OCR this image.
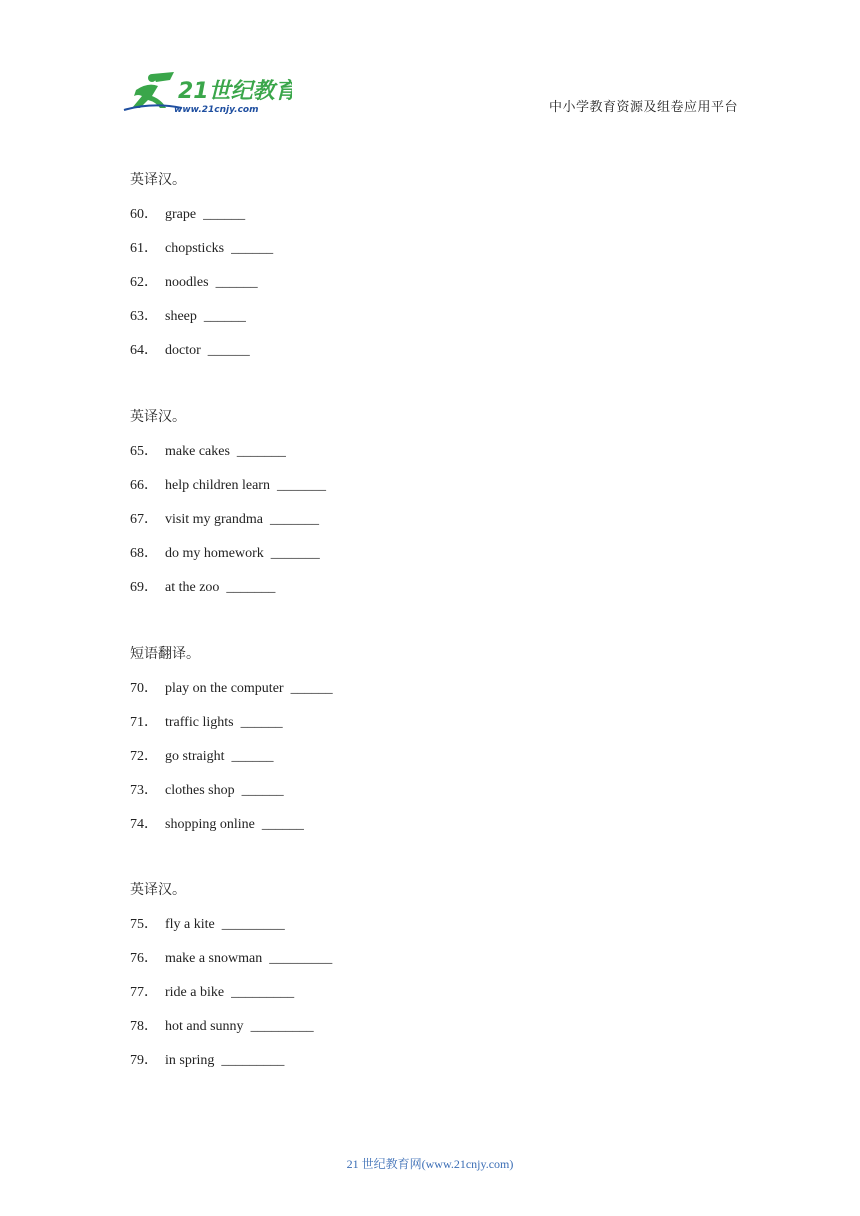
21世纪教育
www.21cnjy.com	中小学教育资源及组卷应用平台
英译汉。
60． grape ______
61． chopsticks ______
62． noodles ______
63． sheep ______
64． doctor ______
英译汉。
65． make cakes _______
66． help children learn _______
67． visit my grandma _______
68． do my homework _______
69． at the zoo _______
短语翻译。
70． play on the computer ______
71． traffic lights ______
72． go straight ______
73． clothes shop ______
74． shopping online ______
英译汉。
75． fly a kite _________
76． make a snowman _________
77． ride a bike _________
78． hot and sunny _________
79． in spring _________
21 世纪教育网(www.21cnjy.com)
